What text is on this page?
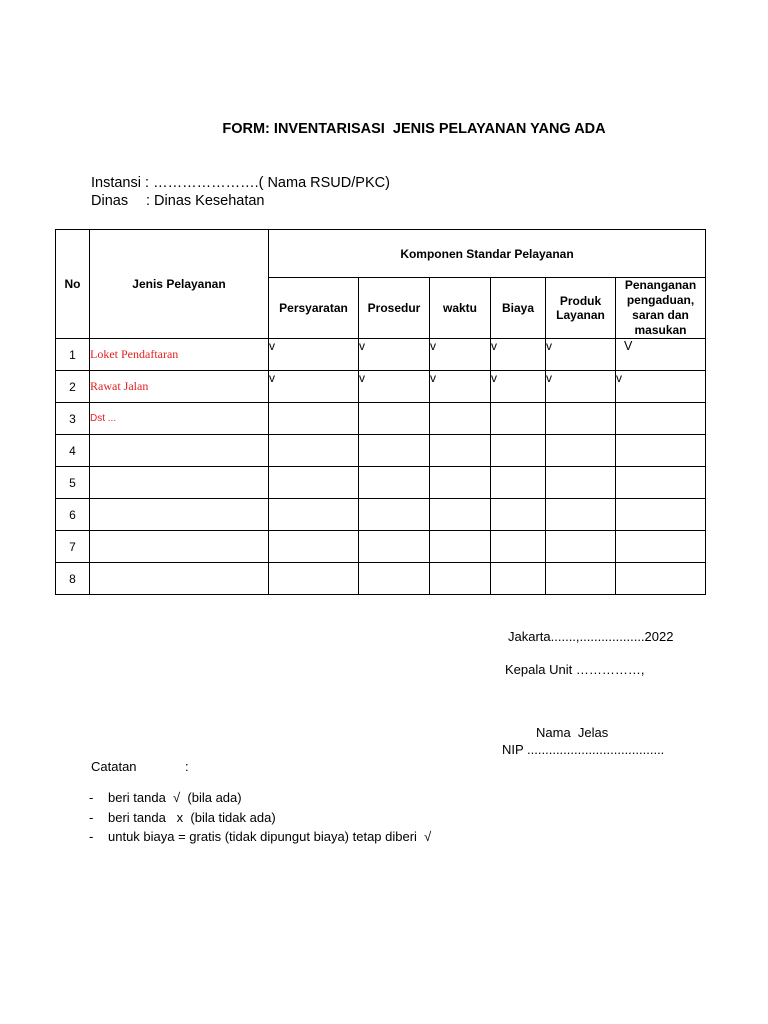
FORM: INVENTARISASI  JENIS PELAYANAN YANG ADA
Instansi : ………………….( Nama RSUD/PKC)
Dinas : Dinas Kesehatan
No	Jenis Pelayanan	Komponen Standar Pelayanan					
		Persyaratan	Prosedur	waktu	Biaya	Produk Layanan	Penanganan pengaduan, saran dan masukan
1	Loket Pendaftaran	v	v	v	v	v	V
2	Rawat Jalan	v	v	v	v	v	v
3	Dst ...						
4							
5							
6							
7							
8							
Jakarta.......,..................2022
Kepala Unit ……………,
Nama  Jelas
NIP ......................................
Catatan	:
- beri tanda  √  (bila ada)
- beri tanda   x  (bila tidak ada)
- untuk biaya = gratis (tidak dipungut biaya) tetap diberi  √
